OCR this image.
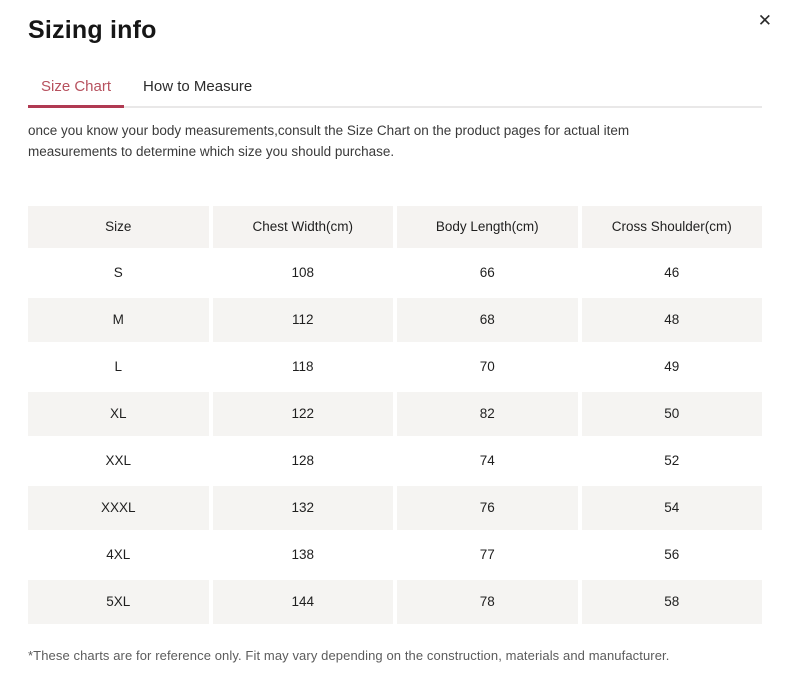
✕
Sizing info
Size Chart	How to Measure

once you know your body measurements,consult the Size Chart on the product pages for actual item measurements to determine which size you should purchase.

Size	Chest Width(cm)	Body Length(cm)	Cross Shoulder(cm)
S	108	66	46
M	112	68	48
L	118	70	49
XL	122	82	50
XXL	128	74	52
XXXL	132	76	54
4XL	138	77	56
5XL	144	78	58

*These charts are for reference only. Fit may vary depending on the construction, materials and manufacturer.
